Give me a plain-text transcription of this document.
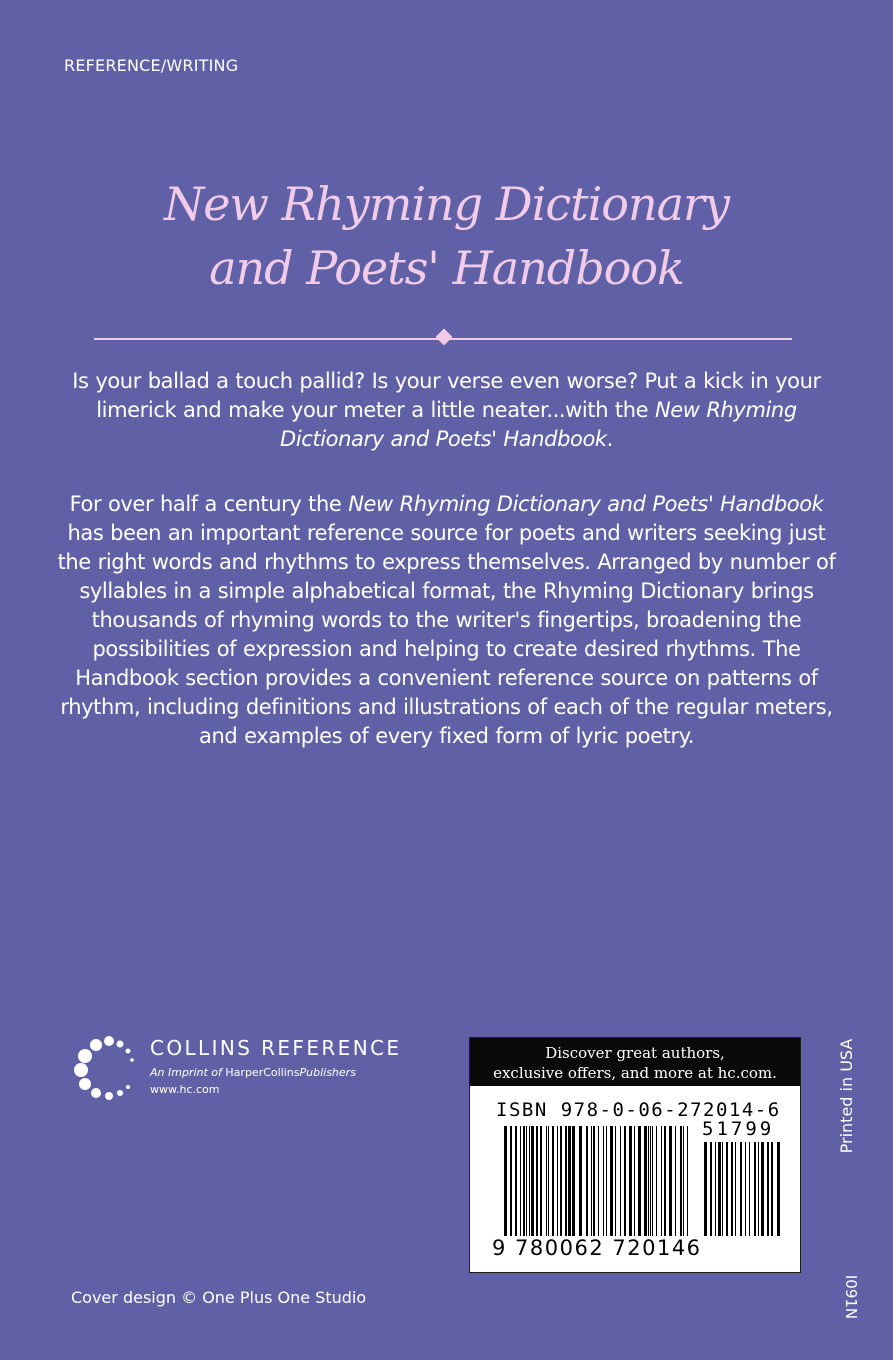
REFERENCE/WRITING
New Rhyming Dictionary
and Poets' Handbook
Is your ballad a touch pallid? Is your verse even worse? Put a kick in your limerick and make your meter a little neater...with the New Rhyming Dictionary and Poets' Handbook.
For over half a century the New Rhyming Dictionary and Poets' Handbook has been an important reference source for poets and writers seeking just the right words and rhythms to express themselves. Arranged by number of syllables in a simple alphabetical format, the Rhyming Dictionary brings thousands of rhyming words to the writer's fingertips, broadening the possibilities of expression and helping to create desired rhythms. The Handbook section provides a convenient reference source on patterns of rhythm, including definitions and illustrations of each of the regular meters, and examples of every fixed form of lyric poetry.
COLLINS REFERENCE
An Imprint of HarperCollinsPublishers
www.hc.com
Discover great authors,
exclusive offers, and more at hc.com.
ISBN 978-0-06-272014-6
51799
9 780062 720146
Printed in USA
I091N
Cover design © One Plus One Studio
